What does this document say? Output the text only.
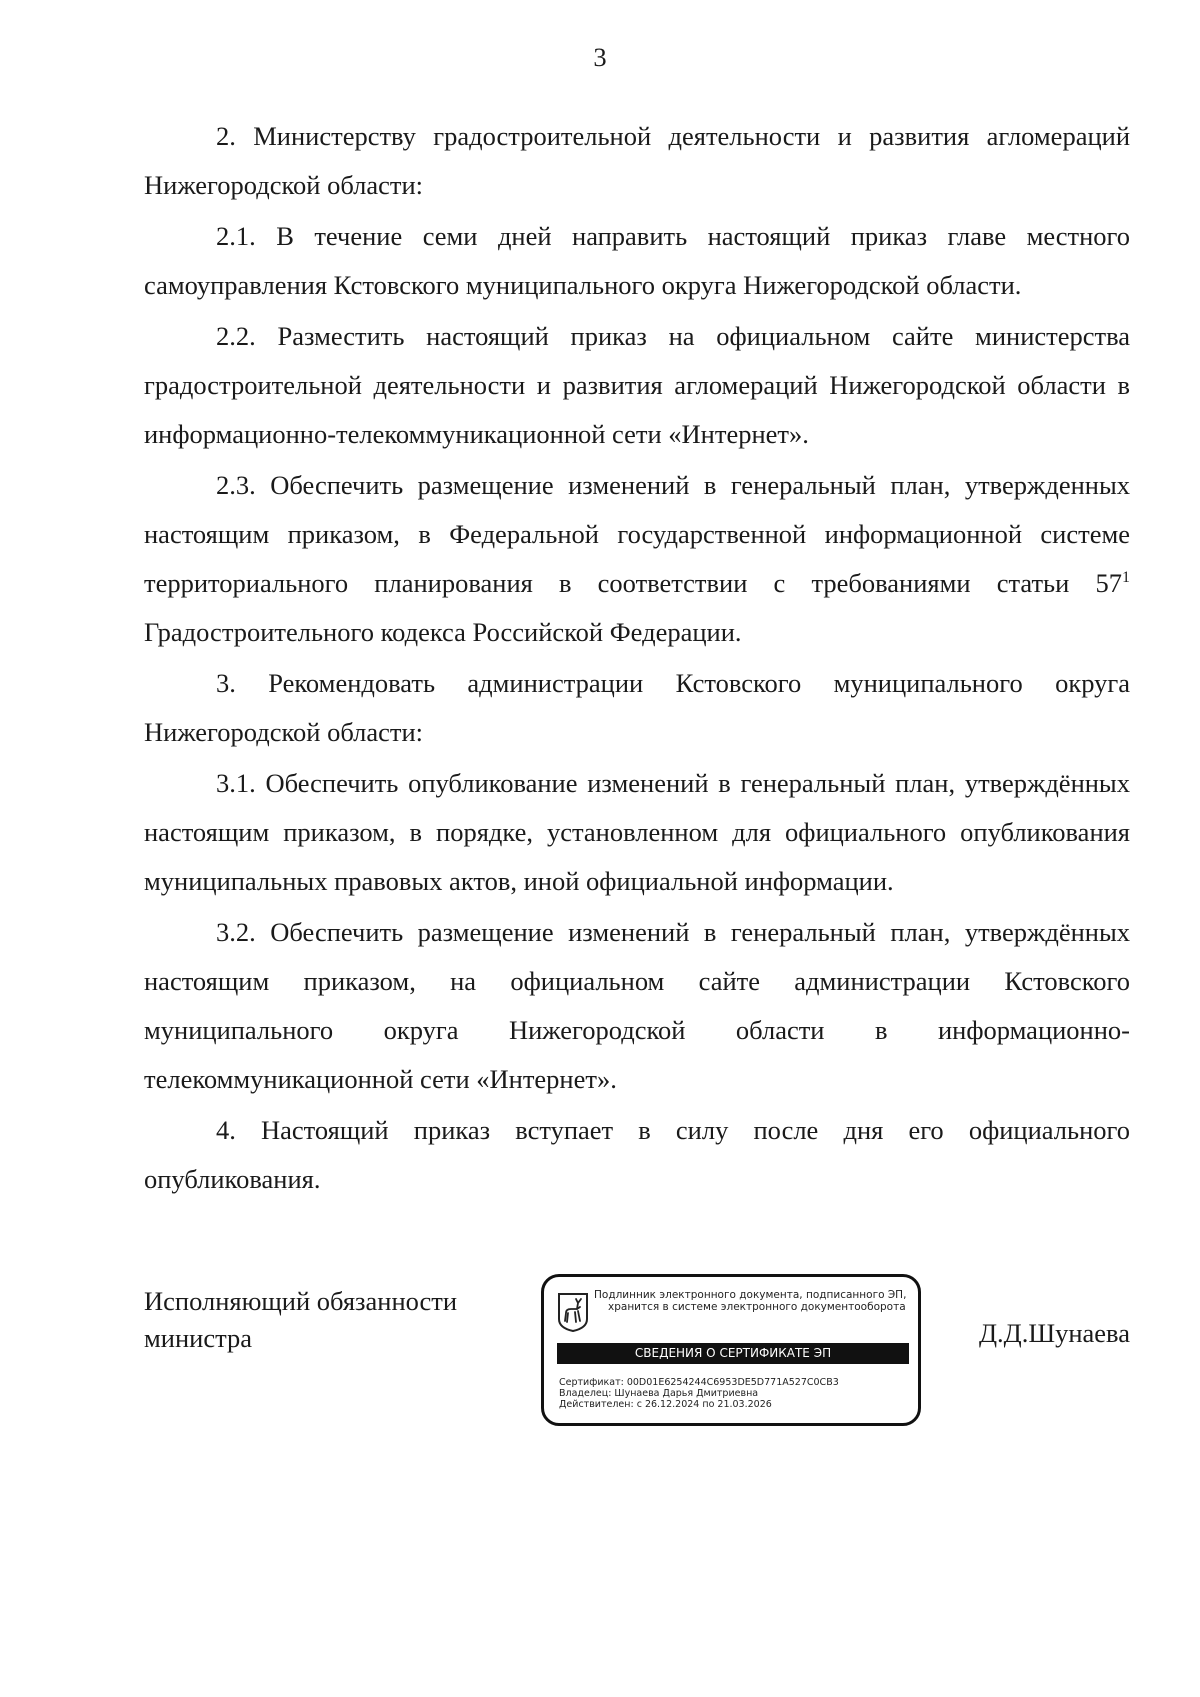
3

2. Министерству градостроительной деятельности и развития агломераций Нижегородской области:

2.1. В течение семи дней направить настоящий приказ главе местного самоуправления Кстовского муниципального округа Нижегородской области.

2.2. Разместить настоящий приказ на официальном сайте министерства градостроительной деятельности и развития агломераций Нижегородской области в информационно-телекоммуникационной сети «Интернет».

2.3. Обеспечить размещение изменений в генеральный план, утвержденных настоящим приказом, в Федеральной государственной информационной системе территориального планирования в соответствии с требованиями статьи $57^1$ Градостроительного кодекса Российской Федерации.

3. Рекомендовать администрации Кстовского муниципального округа Нижегородской области:

3.1. Обеспечить опубликование изменений в генеральный план, утверждённых настоящим приказом, в порядке, установленном для официального опубликования муниципальных правовых актов, иной официальной информации.

3.2. Обеспечить размещение изменений в генеральный план, утверждённых настоящим приказом, на официальном сайте администрации Кстовского муниципального округа Нижегородской области в информационно-телекоммуникационной сети «Интернет».

4. Настоящий приказ вступает в силу после дня его официального опубликования.

Исполняющий обязанности
министра
Подлинник электронного документа, подписанного ЭП,
хранится в системе электронного документооборота
СВЕДЕНИЯ О СЕРТИФИКАТЕ ЭП
Сертификат: 00D01E6254244C6953DE5D771A527C0CB3
Владелец: Шунаева Дарья Дмитриевна
Действителен: с 26.12.2024 по 21.03.2026
Д.Д.Шунаева
